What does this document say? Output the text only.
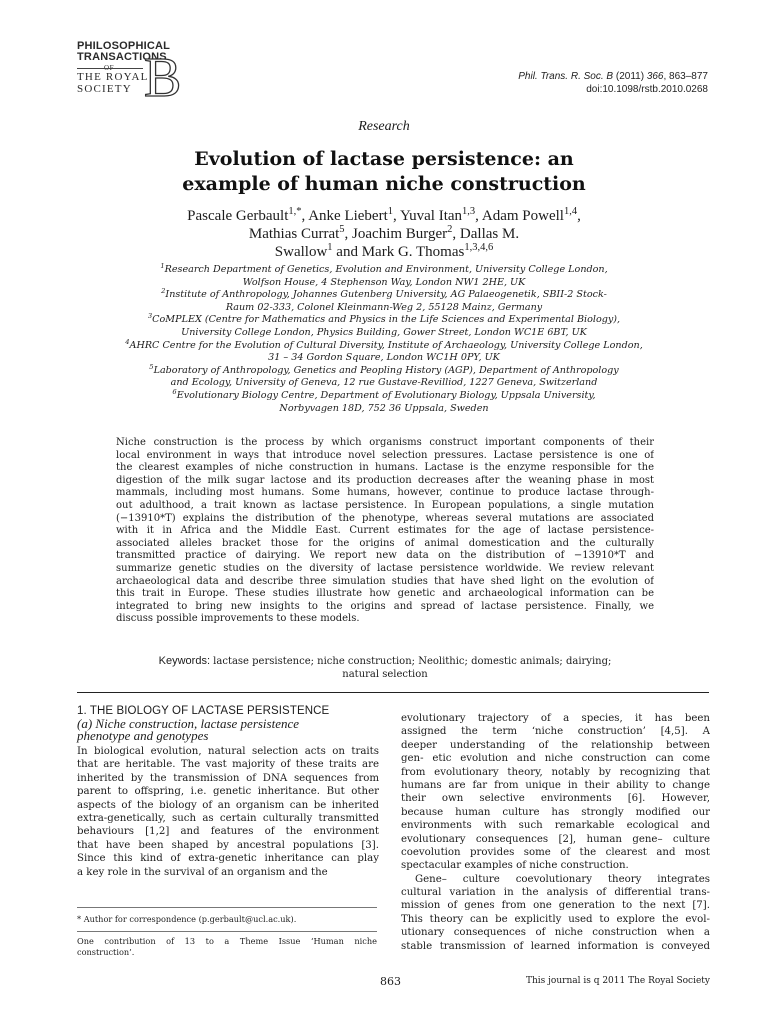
PHILOSOPHICAL
TRANSACTIONS
OF
THE ROYAL
SOCIETY B	Phil. Trans. R. Soc. B (2011) 366, 863–877
doi:10.1098/rstb.2010.0268
Research
Evolution of lactase persistence: an
example of human niche construction
Pascale Gerbault$^{1,*}$, Anke Liebert$^1$, Yuval Itan$^{1,3}$, Adam Powell$^{1,4}$,
Mathias Currat$^5$, Joachim Burger$^2$, Dallas M.
Swallow$^1$ and Mark G. Thomas$^{1,3,4,6}$
$^1$Research Department of Genetics, Evolution and Environment, University College London,
Wolfson House, 4 Stephenson Way, London NW1 2HE, UK
$^2$Institute of Anthropology, Johannes Gutenberg University, AG Palaeogenetik, SBII-2 Stock-
Raum 02-333, Colonel Kleinmann-Weg 2, 55128 Mainz, Germany
$^3$CoMPLEX (Centre for Mathematics and Physics in the Life Sciences and Experimental Biology),
University College London, Physics Building, Gower Street, London WC1E 6BT, UK
$^4$AHRC Centre for the Evolution of Cultural Diversity, Institute of Archaeology, University College London,
31 – 34 Gordon Square, London WC1H 0PY, UK
$^5$Laboratory of Anthropology, Genetics and Peopling History (AGP), Department of Anthropology
and Ecology, University of Geneva, 12 rue Gustave-Revilliod, 1227 Geneva, Switzerland
$^6$Evolutionary Biology Centre, Department of Evolutionary Biology, Uppsala University,
Norbyvagen 18D, 752 36 Uppsala, Sweden
Niche construction is the process by which organisms construct important components of their
local environment in ways that introduce novel selection pressures. Lactase persistence is one of
the clearest examples of niche construction in humans. Lactase is the enzyme responsible for the
digestion of the milk sugar lactose and its production decreases after the weaning phase in most
mammals, including most humans. Some humans, however, continue to produce lactase through-
out adulthood, a trait known as lactase persistence. In European populations, a single mutation
(−13910*T) explains the distribution of the phenotype, whereas several mutations are associated
with it in Africa and the Middle East. Current estimates for the age of lactase persistence-
associated alleles bracket those for the origins of animal domestication and the culturally
transmitted practice of dairying. We report new data on the distribution of −13910*T and
summarize genetic studies on the diversity of lactase persistence worldwide. We review relevant
archaeological data and describe three simulation studies that have shed light on the evolution of
this trait in Europe. These studies illustrate how genetic and archaeological information can be
integrated to bring new insights to the origins and spread of lactase persistence. Finally, we
discuss possible improvements to these models.
Keywords: lactase persistence; niche construction; Neolithic; domestic animals; dairying;
natural selection
1. THE BIOLOGY OF LACTASE PERSISTENCE
(a) Niche construction, lactase persistence
phenotype and genotypes
In biological evolution, natural selection acts on traits
that are heritable. The vast majority of these traits are
inherited by the transmission of DNA sequences from
parent to offspring, i.e. genetic inheritance. But other
aspects of the biology of an organism can be inherited
extra-genetically, such as certain culturally transmitted
behaviours [1,2] and features of the environment
that have been shaped by ancestral populations [3].
Since this kind of extra-genetic inheritance can play
a key role in the survival of an organism and the
evolutionary trajectory of a species, it has been
assigned the term ‘niche construction’ [4,5]. A
deeper understanding of the relationship between
gen- etic evolution and niche construction can come
from evolutionary theory, notably by recognizing that
humans are far from unique in their ability to change
their own selective environments [6]. However,
because human culture has strongly modified our
environments with such remarkable ecological and
evolutionary consequences [2], human gene– culture
coevolution provides some of the clearest and most
spectacular examples of niche construction.
Gene– culture coevolutionary theory integrates
cultural variation in the analysis of differential trans-
mission of genes from one generation to the next [7].
This theory can be explicitly used to explore the evol-
utionary consequences of niche construction when a
stable transmission of learned information is conveyed
* Author for correspondence (p.gerbault@ucl.ac.uk).
One contribution of 13 to a Theme Issue ‘Human niche
construction’.
863	This journal is q 2011 The Royal Society
